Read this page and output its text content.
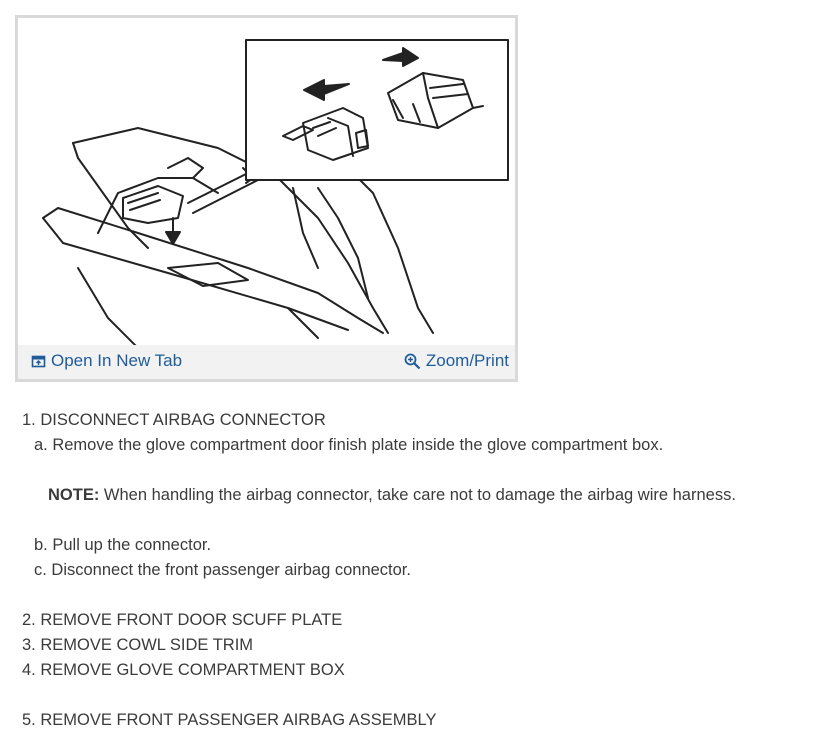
Open In New Tab	Zoom/Print
1. DISCONNECT AIRBAG CONNECTOR
a. Remove the glove compartment door finish plate inside the glove compartment box.
NOTE: When handling the airbag connector, take care not to damage the airbag wire harness.
b. Pull up the connector.
c. Disconnect the front passenger airbag connector.
2. REMOVE FRONT DOOR SCUFF PLATE
3. REMOVE COWL SIDE TRIM
4. REMOVE GLOVE COMPARTMENT BOX
5. REMOVE FRONT PASSENGER AIRBAG ASSEMBLY
